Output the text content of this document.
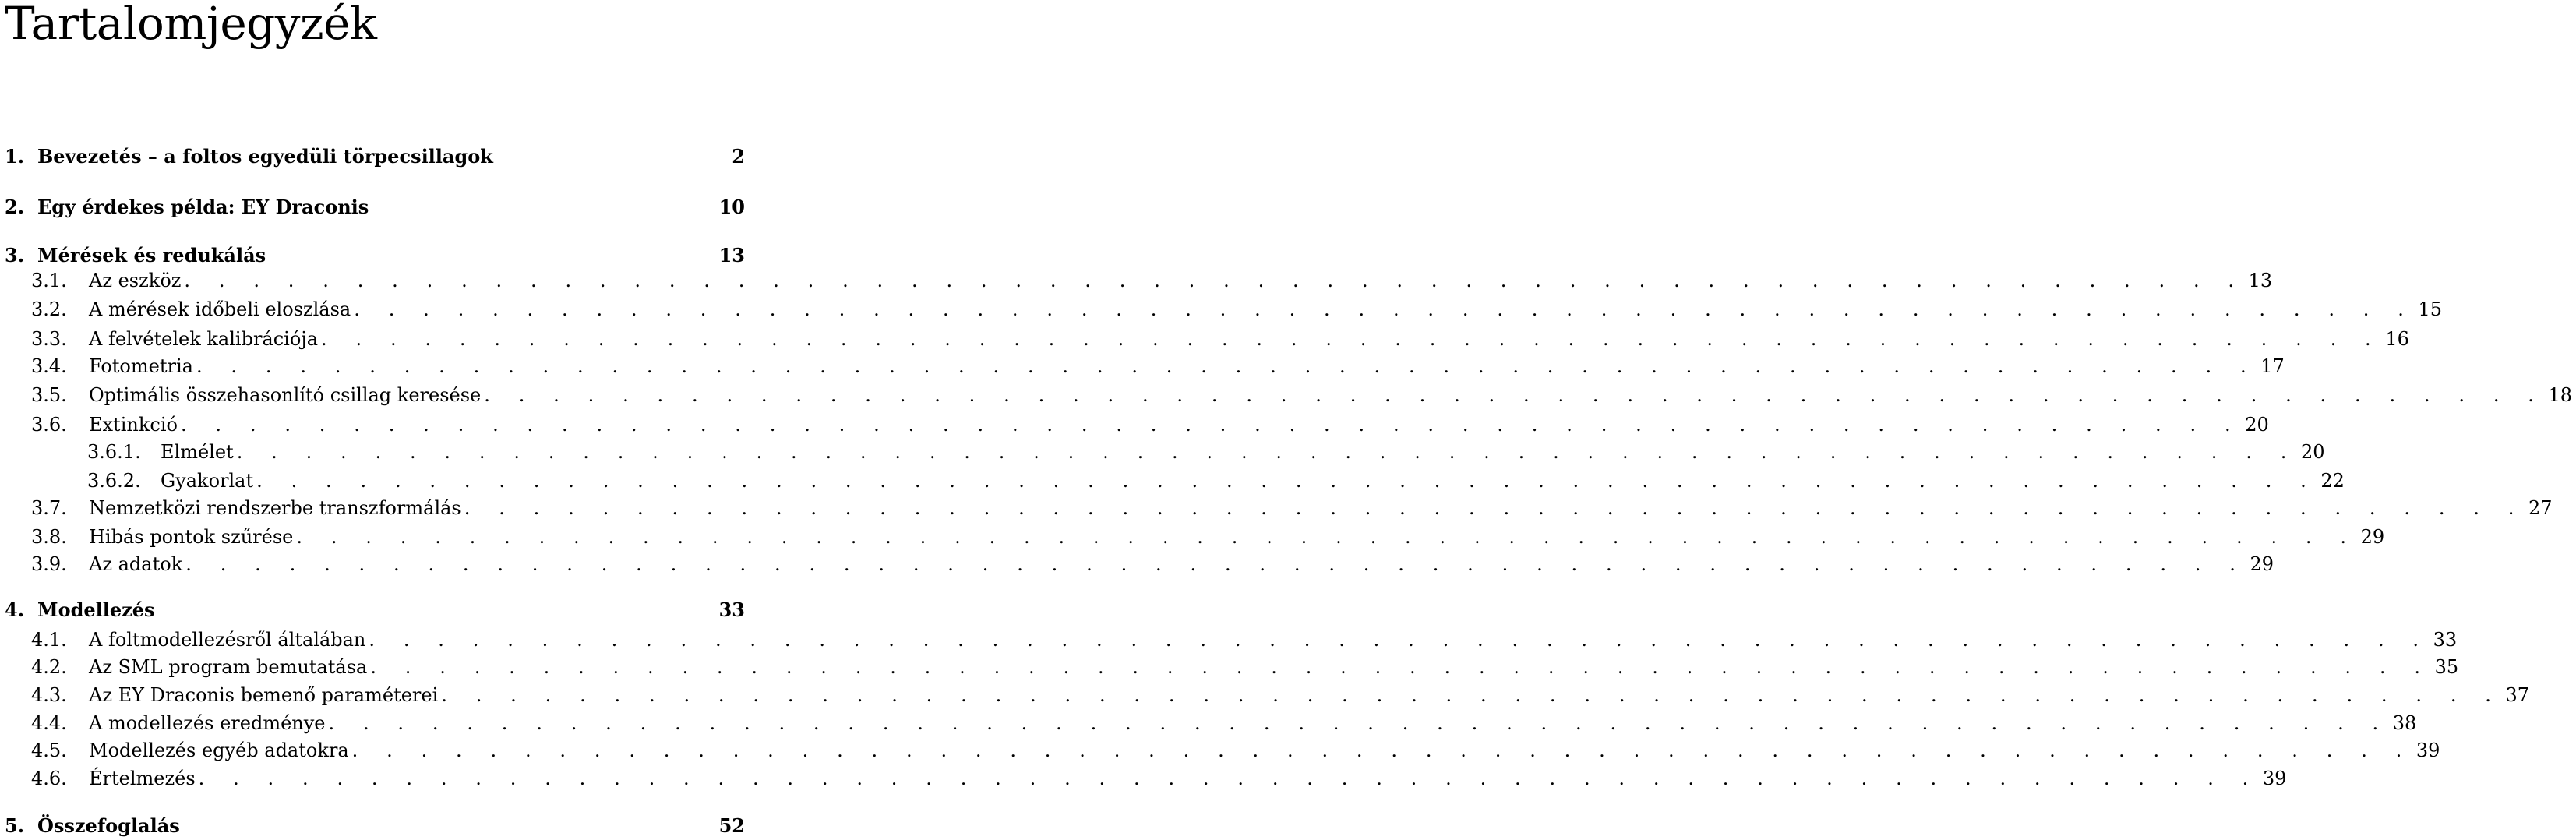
Tartalomjegyzék
1. Bevezetés – a foltos egyedüli törpecsillagok	2
2. Egy érdekes példa: EY Draconis	10
3. Mérések és redukálás	13
3.1.	Az eszköz . . . . . . . . . . . . . . . . . . . . . . . . . . . . . . . . . . . . . . . . . . . . . . . . . . . . . . . . . . . . 13
3.2.	A mérések időbeli eloszlása . . . . . . . . . . . . . . . . . . . . . . . . . . . . . . . . . . . . . . . . . . . . . . . . . . . . . . . . . . . . 15
3.3.	A felvételek kalibrációja . . . . . . . . . . . . . . . . . . . . . . . . . . . . . . . . . . . . . . . . . . . . . . . . . . . . . . . . . . . . 16
3.4.	Fotometria . . . . . . . . . . . . . . . . . . . . . . . . . . . . . . . . . . . . . . . . . . . . . . . . . . . . . . . . . . . . 17
3.5.	Optimális összehasonlító csillag keresése . . . . . . . . . . . . . . . . . . . . . . . . . . . . . . . . . . . . . . . . . . . . . . . . . . . . . . . . . . . . 18
3.6.	Extinkció . . . . . . . . . . . . . . . . . . . . . . . . . . . . . . . . . . . . . . . . . . . . . . . . . . . . . . . . . . . . 20
3.6.1.	Elmélet . . . . . . . . . . . . . . . . . . . . . . . . . . . . . . . . . . . . . . . . . . . . . . . . . . . . . . . . . . . . 20
3.6.2.	Gyakorlat . . . . . . . . . . . . . . . . . . . . . . . . . . . . . . . . . . . . . . . . . . . . . . . . . . . . . . . . . . . . 22
3.7.	Nemzetközi rendszerbe transzformálás . . . . . . . . . . . . . . . . . . . . . . . . . . . . . . . . . . . . . . . . . . . . . . . . . . . . . . . . . . . . 27
3.8.	Hibás pontok szűrése . . . . . . . . . . . . . . . . . . . . . . . . . . . . . . . . . . . . . . . . . . . . . . . . . . . . . . . . . . . . 29
3.9.	Az adatok . . . . . . . . . . . . . . . . . . . . . . . . . . . . . . . . . . . . . . . . . . . . . . . . . . . . . . . . . . . . 29
4. Modellezés	33
4.1.	A foltmodellezésről általában . . . . . . . . . . . . . . . . . . . . . . . . . . . . . . . . . . . . . . . . . . . . . . . . . . . . . . . . . . . . 33
4.2.	Az SML program bemutatása . . . . . . . . . . . . . . . . . . . . . . . . . . . . . . . . . . . . . . . . . . . . . . . . . . . . . . . . . . . . 35
4.3.	Az EY Draconis bemenő paraméterei . . . . . . . . . . . . . . . . . . . . . . . . . . . . . . . . . . . . . . . . . . . . . . . . . . . . . . . . . . . . 37
4.4.	A modellezés eredménye . . . . . . . . . . . . . . . . . . . . . . . . . . . . . . . . . . . . . . . . . . . . . . . . . . . . . . . . . . . . 38
4.5.	Modellezés egyéb adatokra . . . . . . . . . . . . . . . . . . . . . . . . . . . . . . . . . . . . . . . . . . . . . . . . . . . . . . . . . . . . 39
4.6.	Értelmezés . . . . . . . . . . . . . . . . . . . . . . . . . . . . . . . . . . . . . . . . . . . . . . . . . . . . . . . . . . . . 39
5. Összefoglalás	52
